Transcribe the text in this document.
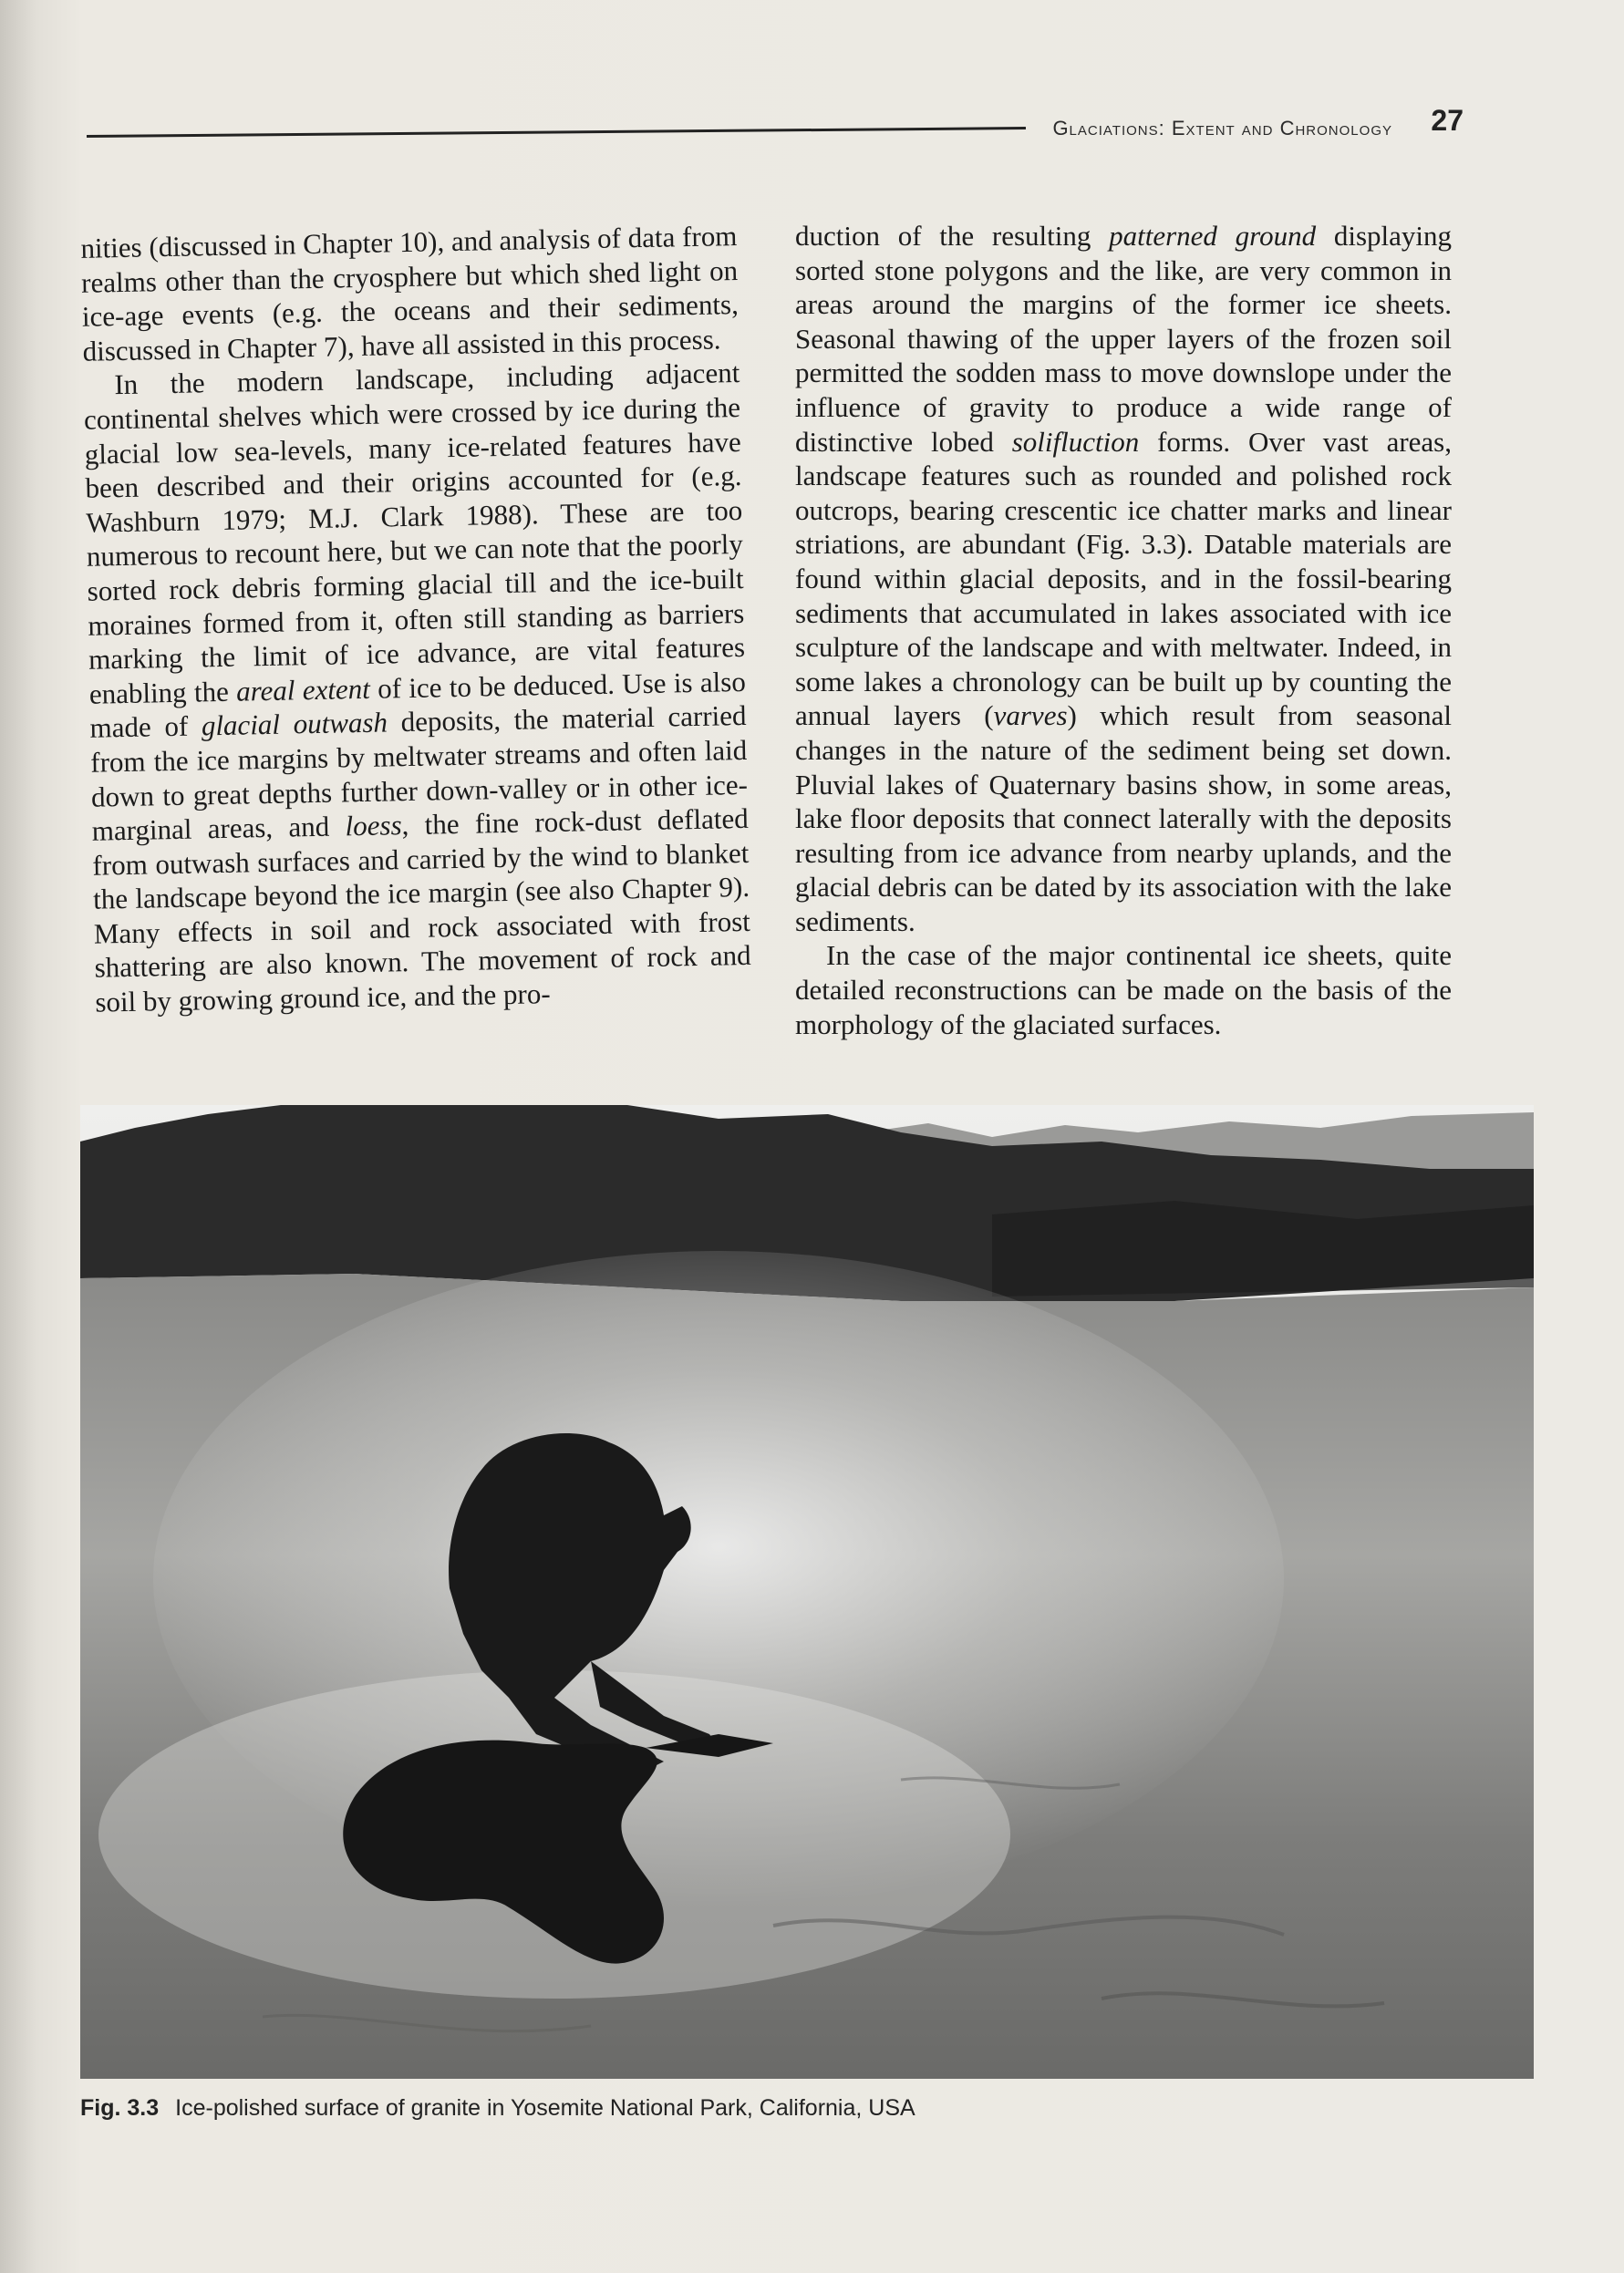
Glaciations: Extent and Chronology 27

nities (discussed in Chapter 10), and analysis of data from realms other than the cryosphere but which shed light on ice-age events (e.g. the oceans and their sediments, discussed in Chapter 7), have all assisted in this process.

In the modern landscape, including adjacent continental shelves which were crossed by ice during the glacial low sea-levels, many ice-related features have been described and their origins accounted for (e.g. Washburn 1979; M.J. Clark 1988). These are too numerous to recount here, but we can note that the poorly sorted rock debris forming glacial till and the ice-built moraines formed from it, often still standing as barriers marking the limit of ice advance, are vital features enabling the areal extent of ice to be deduced. Use is also made of glacial outwash deposits, the material carried from the ice margins by meltwater streams and often laid down to great depths further down-valley or in other ice-marginal areas, and loess, the fine rock-dust deflated from outwash surfaces and carried by the wind to blanket the landscape beyond the ice margin (see also Chapter 9). Many effects in soil and rock associated with frost shattering are also known. The movement of rock and soil by growing ground ice, and the pro-

duction of the resulting patterned ground displaying sorted stone polygons and the like, are very common in areas around the margins of the former ice sheets. Seasonal thawing of the upper layers of the frozen soil permitted the sodden mass to move downslope under the influence of gravity to produce a wide range of distinctive lobed solifluction forms. Over vast areas, landscape features such as rounded and polished rock outcrops, bearing crescentic ice chatter marks and linear striations, are abundant (Fig. 3.3). Datable materials are found within glacial deposits, and in the fossil-bearing sediments that accumulated in lakes associated with ice sculpture of the landscape and with meltwater. Indeed, in some lakes a chronology can be built up by counting the annual layers (varves) which result from seasonal changes in the nature of the sediment being set down. Pluvial lakes of Quaternary basins show, in some areas, lake floor deposits that connect laterally with the deposits resulting from ice advance from nearby uplands, and the glacial debris can be dated by its association with the lake sediments.

In the case of the major continental ice sheets, quite detailed reconstructions can be made on the basis of the morphology of the glaciated surfaces.

Fig. 3.3 Ice-polished surface of granite in Yosemite National Park, California, USA
